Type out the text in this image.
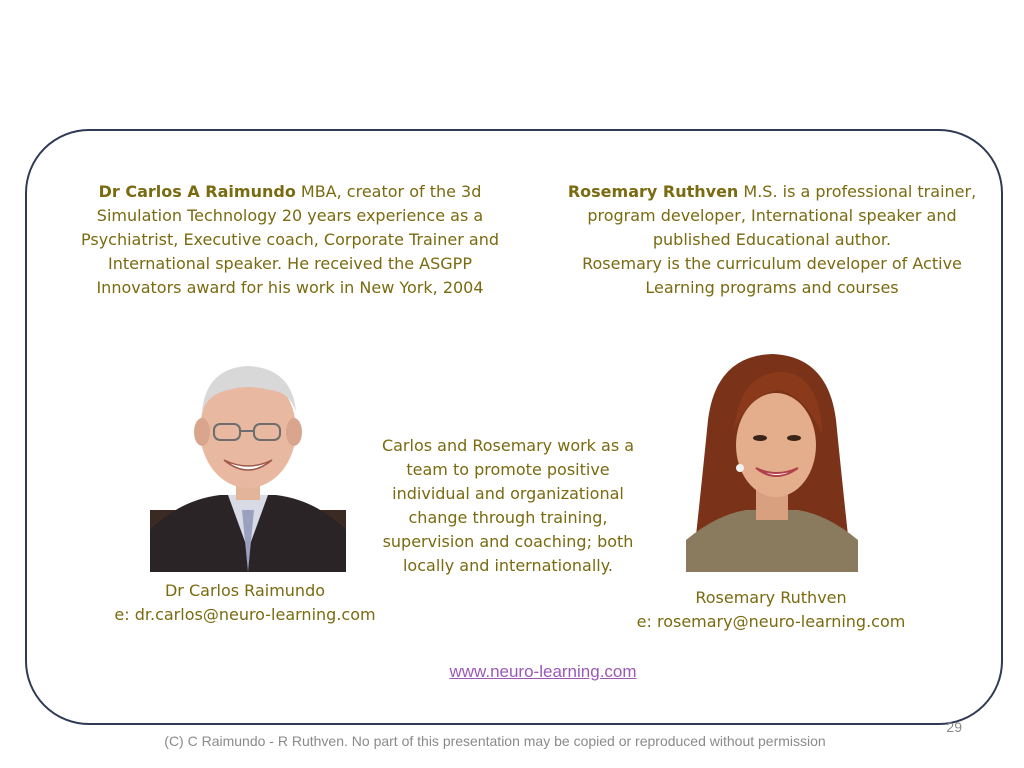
Dr Carlos A Raimundo MBA, creator of the 3d Simulation Technology 20 years experience as a Psychiatrist, Executive coach, Corporate Trainer and International speaker. He received the ASGPP Innovators award for his work in New York, 2004
Rosemary Ruthven M.S. is a professional trainer, program developer, International speaker and published Educational author.
Rosemary is the curriculum developer of Active Learning programs and courses
Carlos and Rosemary work as a team to promote positive individual and organizational change through training, supervision and coaching; both locally and internationally.
Dr Carlos Raimundo
e: dr.carlos@neuro-learning.com
Rosemary Ruthven
e: rosemary@neuro-learning.com
www.neuro-learning.com
(C) C Raimundo - R Ruthven. No part of this presentation may be copied or reproduced without permission
29
